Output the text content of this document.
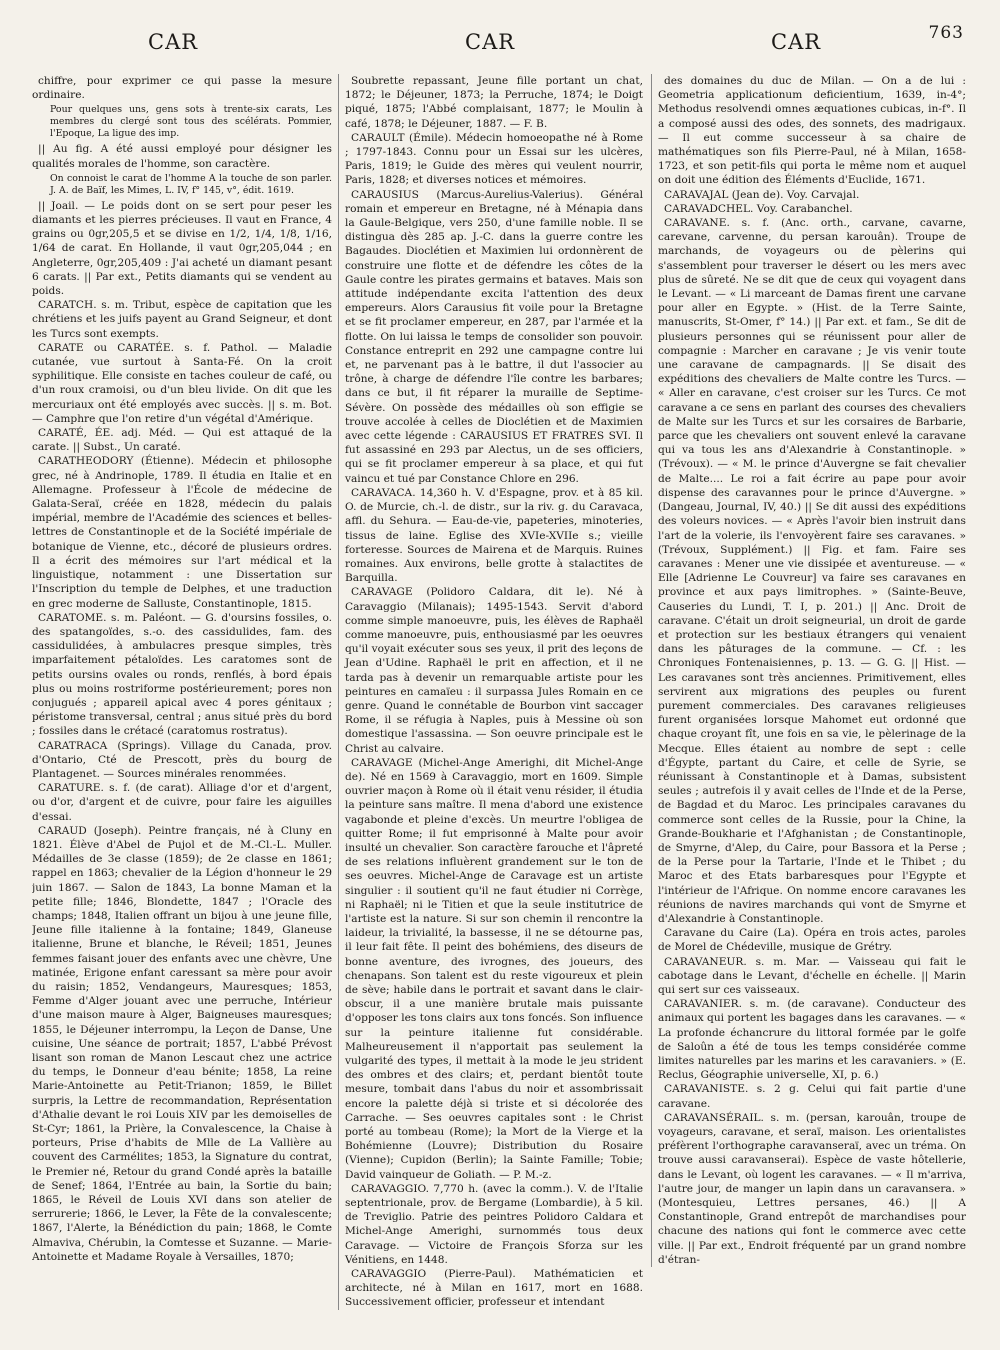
CAR	CAR	CAR	763

chiffre, pour exprimer ce qui passe la mesure ordinaire.

Pour quelques uns, gens sots à trente-six carats, Les membres du clergé sont tous des scélérats. Pommier, l'Epoque, La ligue des imp.

|| Au fig. A été aussi employé pour désigner les qualités morales de l'homme, son caractère.

On connoist le carat de l'homme A la touche de son parler. J. A. de Baïf, les Mimes, L. IV, f° 145, v°, édit. 1619.

|| Joail. — Le poids dont on se sert pour peser les diamants et les pierres précieuses. Il vaut en France, 4 grains ou 0gr,205,5 et se divise en 1/2, 1/4, 1/8, 1/16, 1/64 de carat. En Hollande, il vaut 0gr,205,044 ; en Angleterre, 0gr,205,409 : J'ai acheté un diamant pesant 6 carats. || Par ext., Petits diamants qui se vendent au poids.

CARATCH. s. m. Tribut, espèce de capitation que les chrétiens et les juifs payent au Grand Seigneur, et dont les Turcs sont exempts.

CARATE ou CARATÉE. s. f. Pathol. — Maladie cutanée, vue surtout à Santa-Fé. On la croit syphilitique. Elle consiste en taches couleur de café, ou d'un roux cramoisi, ou d'un bleu livide. On dit que les mercuriaux ont été employés avec succès. || s. m. Bot. — Camphre que l'on retire d'un végétal d'Amérique.

CARATÉ, ÉE. adj. Méd. — Qui est attaqué de la carate. || Subst., Un caraté.

CARATHEODORY (Étienne). Médecin et philosophe grec, né à Andrinople, 1789. Il étudia en Italie et en Allemagne. Professeur à l'École de médecine de Galata-Seraï, créée en 1828, médecin du palais impérial, membre de l'Académie des sciences et belles-lettres de Constantinople et de la Société impériale de botanique de Vienne, etc., décoré de plusieurs ordres. Il a écrit des mémoires sur l'art médical et la linguistique, notamment : une Dissertation sur l'Inscription du temple de Delphes, et une traduction en grec moderne de Salluste, Constantinople, 1815.

CARATOME. s. m. Paléont. — G. d'oursins fossiles, o. des spatangoïdes, s.-o. des cassidulides, fam. des cassidulidées, à ambulacres presque simples, très imparfaitement pétaloïdes. Les caratomes sont de petits oursins ovales ou ronds, renflés, à bord épais plus ou moins rostriforme postérieurement; pores non conjugués ; appareil apical avec 4 pores génitaux ; péristome transversal, central ; anus situé près du bord ; fossiles dans le crétacé (caratomus rostratus).

CARATRACA (Springs). Village du Canada, prov. d'Ontario, Cté de Prescott, près du bourg de Plantagenet. — Sources minérales renommées.

CARATURE. s. f. (de carat). Alliage d'or et d'argent, ou d'or, d'argent et de cuivre, pour faire les aiguilles d'essai.

CARAUD (Joseph). Peintre français, né à Cluny en 1821. Élève d'Abel de Pujol et de M.-Cl.-L. Muller. Médailles de 3e classe (1859); de 2e classe en 1861; rappel en 1863; chevalier de la Légion d'honneur le 29 juin 1867. — Salon de 1843, La bonne Maman et la petite fille; 1846, Blondette, 1847 ; l'Oracle des champs; 1848, Italien offrant un bijou à une jeune fille, Jeune fille italienne à la fontaine; 1849, Glaneuse italienne, Brune et blanche, le Réveil; 1851, Jeunes femmes faisant jouer des enfants avec une chèvre, Une matinée, Erigone enfant caressant sa mère pour avoir du raisin; 1852, Vendangeurs, Mauresques; 1853, Femme d'Alger jouant avec une perruche, Intérieur d'une maison maure à Alger, Baigneuses mauresques; 1855, le Déjeuner interrompu, la Leçon de Danse, Une cuisine, Une séance de portrait; 1857, L'abbé Prévost lisant son roman de Manon Lescaut chez une actrice du temps, le Donneur d'eau bénite; 1858, La reine Marie-Antoinette au Petit-Trianon; 1859, le Billet surpris, la Lettre de recommandation, Représentation d'Athalie devant le roi Louis XIV par les demoiselles de St-Cyr; 1861, la Prière, la Convalescence, la Chaise à porteurs, Prise d'habits de Mlle de La Vallière au couvent des Carmélites; 1853, la Signature du contrat, le Premier né, Retour du grand Condé après la bataille de Senef; 1864, l'Entrée au bain, la Sortie du bain; 1865, le Réveil de Louis XVI dans son atelier de serrurerie; 1866, le Lever, la Fête de la convalescente; 1867, l'Alerte, la Bénédiction du pain; 1868, le Comte Almaviva, Chérubin, la Comtesse et Suzanne. — Marie-Antoinette et Madame Royale à Versailles, 1870;

Soubrette repassant, Jeune fille portant un chat, 1872; le Déjeuner, 1873; la Perruche, 1874; le Doigt piqué, 1875; l'Abbé complaisant, 1877; le Moulin à café, 1878; le Déjeuner, 1887. — F. B.

CARAULT (Émile). Médecin homoeopathe né à Rome ; 1797-1843. Connu pour un Essai sur les ulcères, Paris, 1819; le Guide des mères qui veulent nourrir, Paris, 1828; et diverses notices et mémoires.

CARAUSIUS (Marcus-Aurelius-Valerius). Général romain et empereur en Bretagne, né à Ménapia dans la Gaule-Belgique, vers 250, d'une famille noble. Il se distingua dès 285 ap. J.-C. dans la guerre contre les Bagaudes. Dioclétien et Maximien lui ordonnèrent de construire une flotte et de défendre les côtes de la Gaule contre les pirates germains et bataves. Mais son attitude indépendante excita l'attention des deux empereurs. Alors Carausius fit voile pour la Bretagne et se fit proclamer empereur, en 287, par l'armée et la flotte. On lui laissa le temps de consolider son pouvoir. Constance entreprit en 292 une campagne contre lui et, ne parvenant pas à le battre, il dut l'associer au trône, à charge de défendre l'île contre les barbares; dans ce but, il fit réparer la muraille de Septime-Sévère. On possède des médailles où son effigie se trouve accolée à celles de Dioclétien et de Maximien avec cette légende : CARAUSIUS ET FRATRES SVI. Il fut assassiné en 293 par Alectus, un de ses officiers, qui se fit proclamer empereur à sa place, et qui fut vaincu et tué par Constance Chlore en 296.

CARAVACA. 14,360 h. V. d'Espagne, prov. et à 85 kil. O. de Murcie, ch.-l. de distr., sur la riv. g. du Caravaca, affl. du Sehura. — Eau-de-vie, papeteries, minoteries, tissus de laine. Eglise des XVIe-XVIIe s.; vieille forteresse. Sources de Mairena et de Marquis. Ruines romaines. Aux environs, belle grotte à stalactites de Barquilla.

CARAVAGE (Polidoro Caldara, dit le). Né à Caravaggio (Milanais); 1495-1543. Servit d'abord comme simple manoeuvre, puis, les élèves de Raphaël comme manoeuvre, puis, enthousiasmé par les oeuvres qu'il voyait exécuter sous ses yeux, il prit des leçons de Jean d'Udine. Raphaël le prit en affection, et il ne tarda pas à devenir un remarquable artiste pour les peintures en camaïeu : il surpassa Jules Romain en ce genre. Quand le connétable de Bourbon vint saccager Rome, il se réfugia à Naples, puis à Messine où son domestique l'assassina. — Son oeuvre principale est le Christ au calvaire.

CARAVAGE (Michel-Ange Amerighi, dit Michel-Ange de). Né en 1569 à Caravaggio, mort en 1609. Simple ouvrier maçon à Rome où il était venu résider, il étudia la peinture sans maître. Il mena d'abord une existence vagabonde et pleine d'excès. Un meurtre l'obligea de quitter Rome; il fut emprisonné à Malte pour avoir insulté un chevalier. Son caractère farouche et l'âpreté de ses relations influèrent grandement sur le ton de ses oeuvres. Michel-Ange de Caravage est un artiste singulier : il soutient qu'il ne faut étudier ni Corrège, ni Raphaël; ni le Titien et que la seule institutrice de l'artiste est la nature. Si sur son chemin il rencontre la laideur, la trivialité, la bassesse, il ne se détourne pas, il leur fait fête. Il peint des bohémiens, des diseurs de bonne aventure, des ivrognes, des joueurs, des chenapans. Son talent est du reste vigoureux et plein de sève; habile dans le portrait et savant dans le clair-obscur, il a une manière brutale mais puissante d'opposer les tons clairs aux tons foncés. Son influence sur la peinture italienne fut considérable. Malheureusement il n'apportait pas seulement la vulgarité des types, il mettait à la mode le jeu strident des ombres et des clairs; et, perdant bientôt toute mesure, tombait dans l'abus du noir et assombrissait encore la palette déjà si triste et si décolorée des Carrache. — Ses oeuvres capitales sont : le Christ porté au tombeau (Rome); la Mort de la Vierge et la Bohémienne (Louvre); Distribution du Rosaire (Vienne); Cupidon (Berlin); la Sainte Famille; Tobie; David vainqueur de Goliath. — P. M.-z.

CARAVAGGIO. 7,770 h. (avec la comm.). V. de l'Italie septentrionale, prov. de Bergame (Lombardie), à 5 kil. de Treviglio. Patrie des peintres Polidoro Caldara et Michel-Ange Amerighi, surnommés tous deux Caravage. — Victoire de François Sforza sur les Vénitiens, en 1448.

CARAVAGGIO (Pierre-Paul). Mathématicien et architecte, né à Milan en 1617, mort en 1688. Successivement officier, professeur et intendant

des domaines du duc de Milan. — On a de lui : Geometria applicationum deficientium, 1639, in-4°; Methodus resolvendi omnes æquationes cubicas, in-f°. Il a composé aussi des odes, des sonnets, des madrigaux. — Il eut comme successeur à sa chaire de mathématiques son fils Pierre-Paul, né à Milan, 1658-1723, et son petit-fils qui porta le même nom et auquel on doit une édition des Éléments d'Euclide, 1671.

CARAVAJAL (Jean de). Voy. Carvajal.

CARAVADCHEL. Voy. Carabanchel.

CARAVANE. s. f. (Anc. orth., carvane, cavarne, carevane, carvenne, du persan karouân). Troupe de marchands, de voyageurs ou de pèlerins qui s'assemblent pour traverser le désert ou les mers avec plus de sûreté. Ne se dit que de ceux qui voyagent dans le Levant. — « Li marceant de Damas firent une carvane pour aller en Egypte. » (Hist. de la Terre Sainte, manuscrits, St-Omer, f° 14.) || Par ext. et fam., Se dit de plusieurs personnes qui se réunissent pour aller de compagnie : Marcher en caravane ; Je vis venir toute une caravane de campagnards. || Se disait des expéditions des chevaliers de Malte contre les Turcs. — « Aller en caravane, c'est croiser sur les Turcs. Ce mot caravane a ce sens en parlant des courses des chevaliers de Malte sur les Turcs et sur les corsaires de Barbarie, parce que les chevaliers ont souvent enlevé la caravane qui va tous les ans d'Alexandrie à Constantinople. » (Trévoux). — « M. le prince d'Auvergne se fait chevalier de Malte.... Le roi a fait écrire au pape pour avoir dispense des caravannes pour le prince d'Auvergne. » (Dangeau, Journal, IV, 40.) || Se dit aussi des expéditions des voleurs novices. — « Après l'avoir bien instruit dans l'art de la volerie, ils l'envoyèrent faire ses caravanes. » (Trévoux, Supplément.) || Fig. et fam. Faire ses caravanes : Mener une vie dissipée et aventureuse. — « Elle [Adrienne Le Couvreur] va faire ses caravanes en province et aux pays limitrophes. » (Sainte-Beuve, Causeries du Lundi, T. I, p. 201.) || Anc. Droit de caravane. C'était un droit seigneurial, un droit de garde et protection sur les bestiaux étrangers qui venaient dans les pâturages de la commune. — Cf. : les Chroniques Fontenaisiennes, p. 13. — G. G. || Hist. — Les caravanes sont très anciennes. Primitivement, elles servirent aux migrations des peuples ou furent purement commerciales. Des caravanes religieuses furent organisées lorsque Mahomet eut ordonné que chaque croyant fît, une fois en sa vie, le pèlerinage de la Mecque. Elles étaient au nombre de sept : celle d'Égypte, partant du Caire, et celle de Syrie, se réunissant à Constantinople et à Damas, subsistent seules ; autrefois il y avait celles de l'Inde et de la Perse, de Bagdad et du Maroc. Les principales caravanes du commerce sont celles de la Russie, pour la Chine, la Grande-Boukharie et l'Afghanistan ; de Constantinople, de Smyrne, d'Alep, du Caire, pour Bassora et la Perse ; de la Perse pour la Tartarie, l'Inde et le Thibet ; du Maroc et des Etats barbaresques pour l'Egypte et l'intérieur de l'Afrique. On nomme encore caravanes les réunions de navires marchands qui vont de Smyrne et d'Alexandrie à Constantinople.

Caravane du Caire (La). Opéra en trois actes, paroles de Morel de Chédeville, musique de Grétry.

CARAVANEUR. s. m. Mar. — Vaisseau qui fait le cabotage dans le Levant, d'échelle en échelle. || Marin qui sert sur ces vaisseaux.

CARAVANIER. s. m. (de caravane). Conducteur des animaux qui portent les bagages dans les caravanes. — « La profonde échancrure du littoral formée par le golfe de Saloûn a été de tous les temps considérée comme limites naturelles par les marins et les caravaniers. » (E. Reclus, Géographie universelle, XI, p. 6.)

CARAVANISTE. s. 2 g. Celui qui fait partie d'une caravane.

CARAVANSÉRAIL. s. m. (persan, karouân, troupe de voyageurs, caravane, et seraï, maison. Les orientalistes préfèrent l'orthographe caravanseraï, avec un tréma. On trouve aussi caravanserai). Espèce de vaste hôtellerie, dans le Levant, où logent les caravanes. — « Il m'arriva, l'autre jour, de manger un lapin dans un caravansera. » (Montesquieu, Lettres persanes, 46.) || A Constantinople, Grand entrepôt de marchandises pour chacune des nations qui font le commerce avec cette ville. || Par ext., Endroit fréquenté par un grand nombre d'étran-
